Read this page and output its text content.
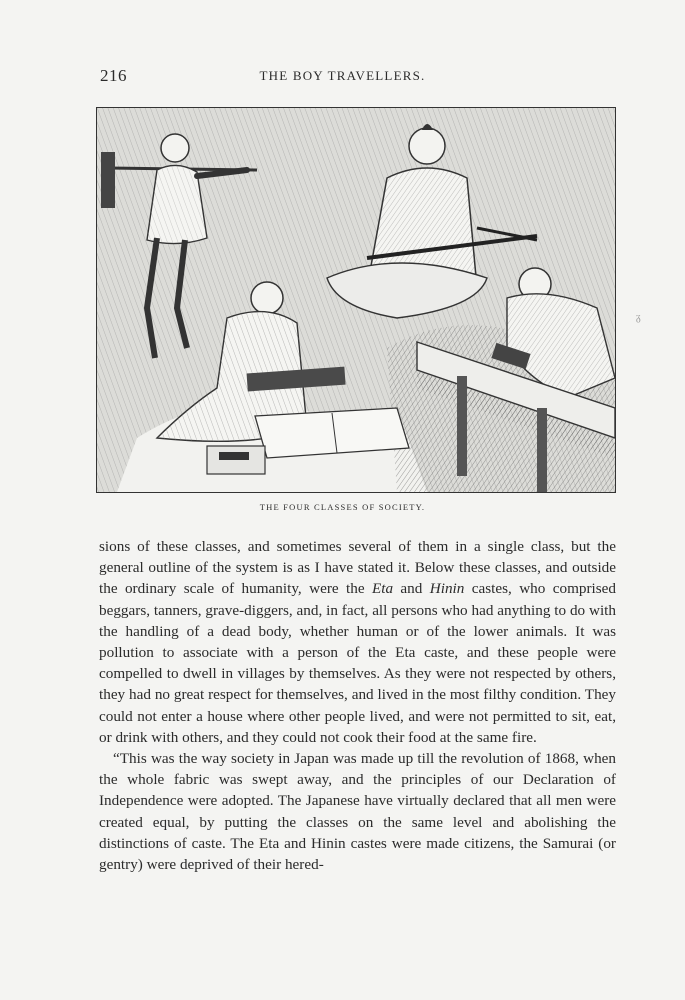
216	THE BOY TRAVELLERS.
THE FOUR CLASSES OF SOCIETY.
ᵹ

sions of these classes, and sometimes several of them in a single class, but the general outline of the system is as I have stated it. Below these classes, and outside the ordinary scale of humanity, were the Eta and Hinin castes, who comprised beggars, tanners, grave-diggers, and, in fact, all persons who had anything to do with the handling of a dead body, whether human or of the lower animals. It was pollution to associate with a person of the Eta caste, and these people were compelled to dwell in villages by themselves. As they were not respected by others, they had no great respect for themselves, and lived in the most filthy condition. They could not enter a house where other people lived, and were not permitted to sit, eat, or drink with others, and they could not cook their food at the same fire.

“This was the way society in Japan was made up till the revolution of 1868, when the whole fabric was swept away, and the principles of our Declaration of Independence were adopted. The Japanese have virtually declared that all men were created equal, by putting the classes on the same level and abolishing the distinctions of caste. The Eta and Hinin castes were made citizens, the Samurai (or gentry) were deprived of their hered-
